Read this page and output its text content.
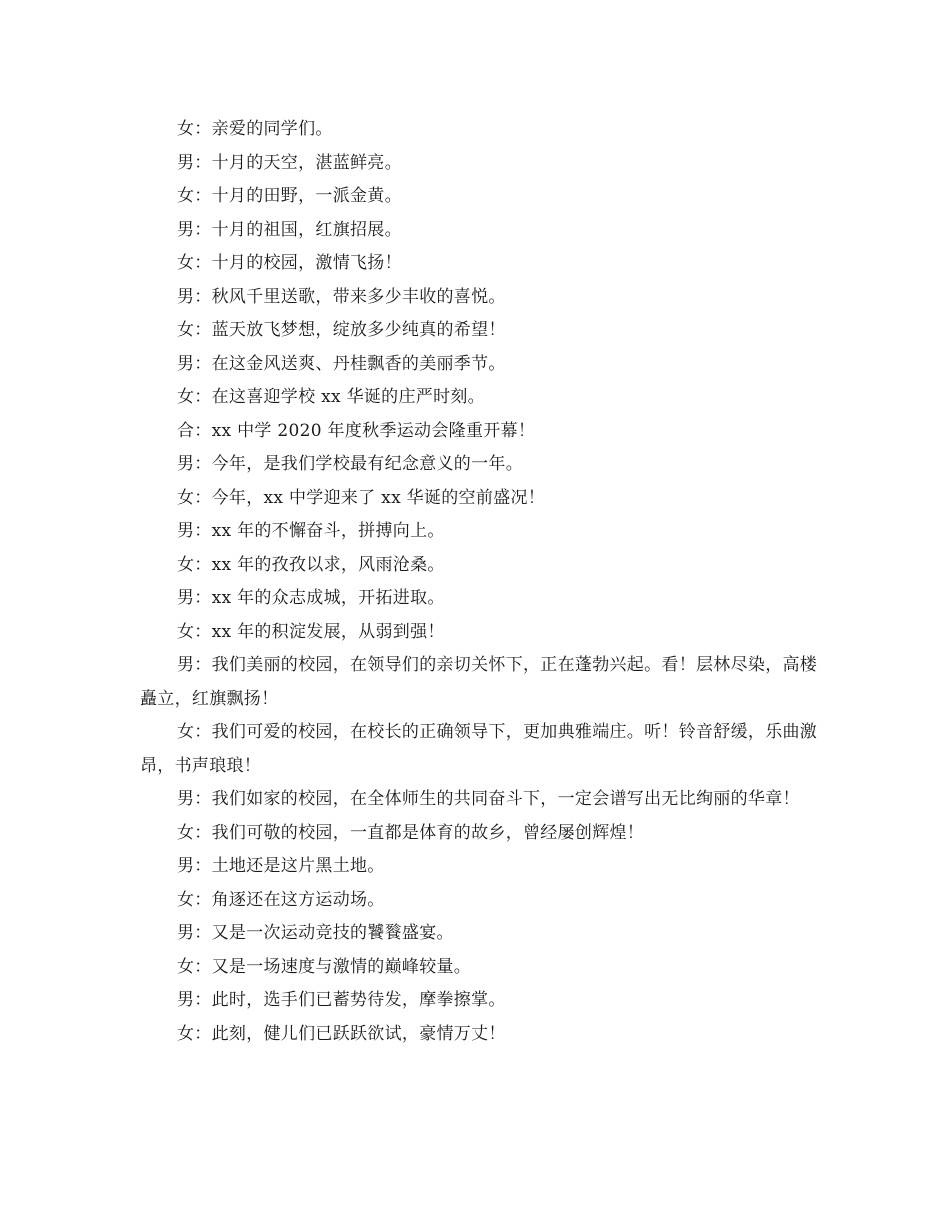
女：亲爱的同学们。

男：十月的天空，湛蓝鲜亮。

女：十月的田野，一派金黄。

男：十月的祖国，红旗招展。

女：十月的校园，激情飞扬！

男：秋风千里送歌，带来多少丰收的喜悦。

女：蓝天放飞梦想，绽放多少纯真的希望！

男：在这金风送爽、丹桂飘香的美丽季节。

女：在这喜迎学校 xx 华诞的庄严时刻。

合：xx 中学 2020 年度秋季运动会隆重开幕！

男：今年，是我们学校最有纪念意义的一年。

女：今年，xx 中学迎来了 xx 华诞的空前盛况！

男：xx 年的不懈奋斗，拼搏向上。

女：xx 年的孜孜以求，风雨沧桑。

男：xx 年的众志成城，开拓进取。

女：xx 年的积淀发展，从弱到强！

男：我们美丽的校园，在领导们的亲切关怀下，正在蓬勃兴起。看！层林尽染，高楼矗立，红旗飘扬！

女：我们可爱的校园，在校长的正确领导下，更加典雅端庄。听！铃音舒缓，乐曲激昂，书声琅琅！

男：我们如家的校园，在全体师生的共同奋斗下，一定会谱写出无比绚丽的华章！

女：我们可敬的校园，一直都是体育的故乡，曾经屡创辉煌！

男：土地还是这片黑土地。

女：角逐还在这方运动场。

男：又是一次运动竞技的饕餮盛宴。

女：又是一场速度与激情的巅峰较量。

男：此时，选手们已蓄势待发，摩拳擦掌。

女：此刻，健儿们已跃跃欲试，豪情万丈！
